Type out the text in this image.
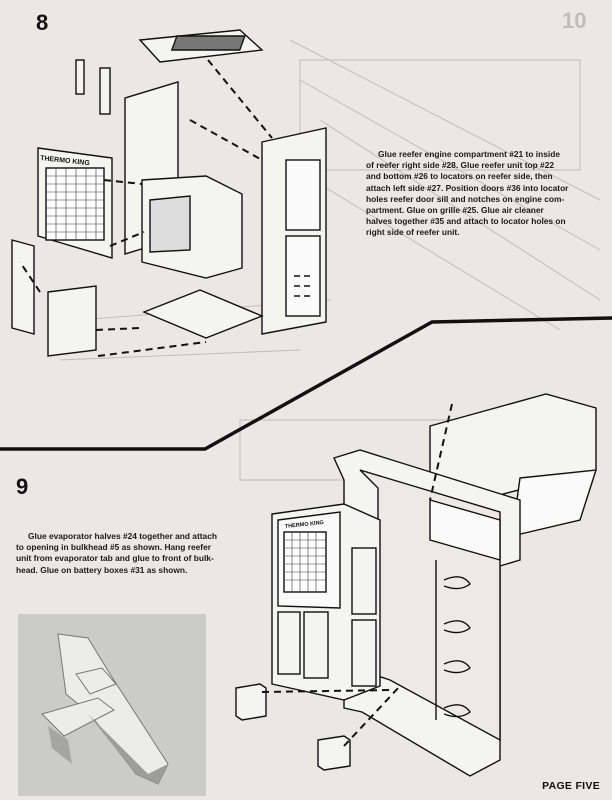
10
8
Glue reefer engine compartment #21 to inside
of reefer right side #28. Glue reefer unit top #22
and bottom #26 to locators on reefer side, then
attach left side #27. Position doors #36 into locator
holes reefer door sill and notches on engine com-
partment. Glue on grille #25. Glue air cleaner
halves together #35 and attach to locator holes on
right side of reefer unit.
THERMO KING
9
Glue evaporator halves #24 together and attach
to opening in bulkhead #5 as shown. Hang reefer
unit from evaporator tab and glue to front of bulk-
head. Glue on battery boxes #31 as shown.
THERMO KING
PAGE FIVE
